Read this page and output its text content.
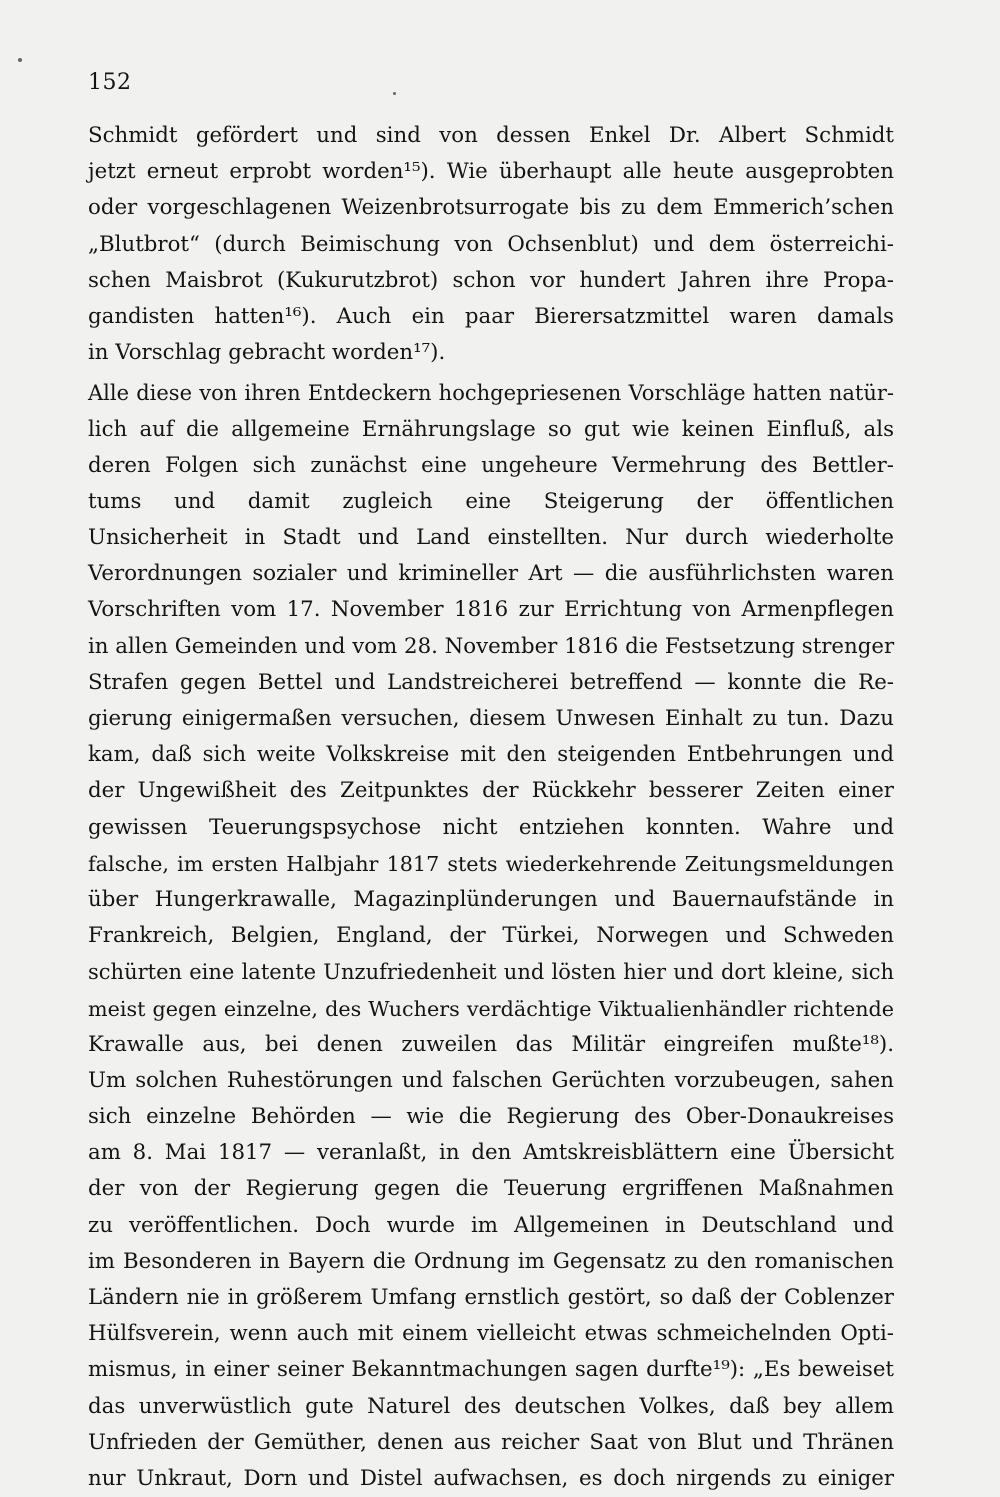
152
Schmidt gefördert und sind von dessen Enkel Dr. Albert Schmidt
jetzt erneut erprobt worden¹⁵). Wie überhaupt alle heute ausgeprobten
oder vorgeschlagenen Weizenbrotsurrogate bis zu dem Emmerich’schen
„Blutbrot“ (durch Beimischung von Ochsenblut) und dem österreichi-
schen Maisbrot (Kukurutzbrot) schon vor hundert Jahren ihre Propa-
gandisten hatten¹⁶). Auch ein paar Bierersatzmittel waren damals
in Vorschlag gebracht worden¹⁷).
Alle diese von ihren Entdeckern hochgepriesenen Vorschläge hatten natür-
lich auf die allgemeine Ernährungslage so gut wie keinen Einfluß, als
deren Folgen sich zunächst eine ungeheure Vermehrung des Bettler-
tums und damit zugleich eine Steigerung der öffentlichen
Unsicherheit in Stadt und Land einstellten. Nur durch wiederholte
Verordnungen sozialer und krimineller Art — die ausführlichsten waren
Vorschriften vom 17. November 1816 zur Errichtung von Armenpflegen
in allen Gemeinden und vom 28. November 1816 die Festsetzung strenger
Strafen gegen Bettel und Landstreicherei betreffend — konnte die Re-
gierung einigermaßen versuchen, diesem Unwesen Einhalt zu tun. Dazu
kam, daß sich weite Volkskreise mit den steigenden Entbehrungen und
der Ungewißheit des Zeitpunktes der Rückkehr besserer Zeiten einer
gewissen Teuerungspsychose nicht entziehen konnten. Wahre und
falsche, im ersten Halbjahr 1817 stets wiederkehrende Zeitungsmeldungen
über Hungerkrawalle, Magazinplünderungen und Bauernaufstände in
Frankreich, Belgien, England, der Türkei, Norwegen und Schweden
schürten eine latente Unzufriedenheit und lösten hier und dort kleine, sich
meist gegen einzelne, des Wuchers verdächtige Viktualienhändler richtende
Krawalle aus, bei denen zuweilen das Militär eingreifen mußte¹⁸).
Um solchen Ruhestörungen und falschen Gerüchten vorzubeugen, sahen
sich einzelne Behörden — wie die Regierung des Ober-Donaukreises
am 8. Mai 1817 — veranlaßt, in den Amtskreisblättern eine Übersicht
der von der Regierung gegen die Teuerung ergriffenen Maßnahmen
zu veröffentlichen. Doch wurde im Allgemeinen in Deutschland und
im Besonderen in Bayern die Ordnung im Gegensatz zu den romanischen
Ländern nie in größerem Umfang ernstlich gestört, so daß der Coblenzer
Hülfsverein, wenn auch mit einem vielleicht etwas schmeichelnden Opti-
mismus, in einer seiner Bekanntmachungen sagen durfte¹⁹): „Es beweiset
das unverwüstlich gute Naturel des deutschen Volkes, daß bey allem
Unfrieden der Gemüther, denen aus reicher Saat von Blut und Thränen
nur Unkraut, Dorn und Distel aufwachsen, es doch nirgends zu einiger
